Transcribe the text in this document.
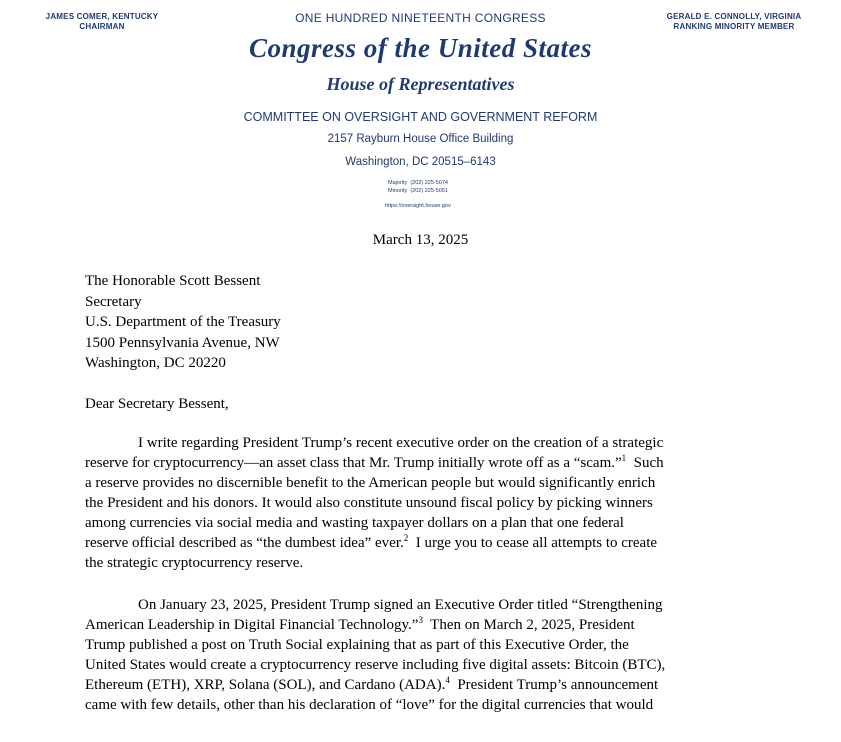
JAMES COMER, KENTUCKY
CHAIRMAN
GERALD E. CONNOLLY, VIRGINIA
RANKING MINORITY MEMBER
ONE HUNDRED NINETEENTH CONGRESS
Congress of the United States
House of Representatives
COMMITTEE ON OVERSIGHT AND GOVERNMENT REFORM
2157 Rayburn House Office Building
Washington, DC 20515–6143
Majority (202) 225-5074
Minority (202) 225-5051
https://oversight.house.gov
March 13, 2025
The Honorable Scott Bessent
Secretary
U.S. Department of the Treasury
1500 Pennsylvania Avenue, NW
Washington, DC 20220
Dear Secretary Bessent,
I write regarding President Trump’s recent executive order on the creation of a strategic
reserve for cryptocurrency—an asset class that Mr. Trump initially wrote off as a “scam.”$^1$  Such
a reserve provides no discernible benefit to the American people but would significantly enrich
the President and his donors. It would also constitute unsound fiscal policy by picking winners
among currencies via social media and wasting taxpayer dollars on a plan that one federal
reserve official described as “the dumbest idea” ever.$^2$  I urge you to cease all attempts to create
the strategic cryptocurrency reserve.
On January 23, 2025, President Trump signed an Executive Order titled “Strengthening
American Leadership in Digital Financial Technology.”$^3$  Then on March 2, 2025, President
Trump published a post on Truth Social explaining that as part of this Executive Order, the
United States would create a cryptocurrency reserve including five digital assets: Bitcoin (BTC),
Ethereum (ETH), XRP, Solana (SOL), and Cardano (ADA).$^4$  President Trump’s announcement
came with few details, other than his declaration of “love” for the digital currencies that would
